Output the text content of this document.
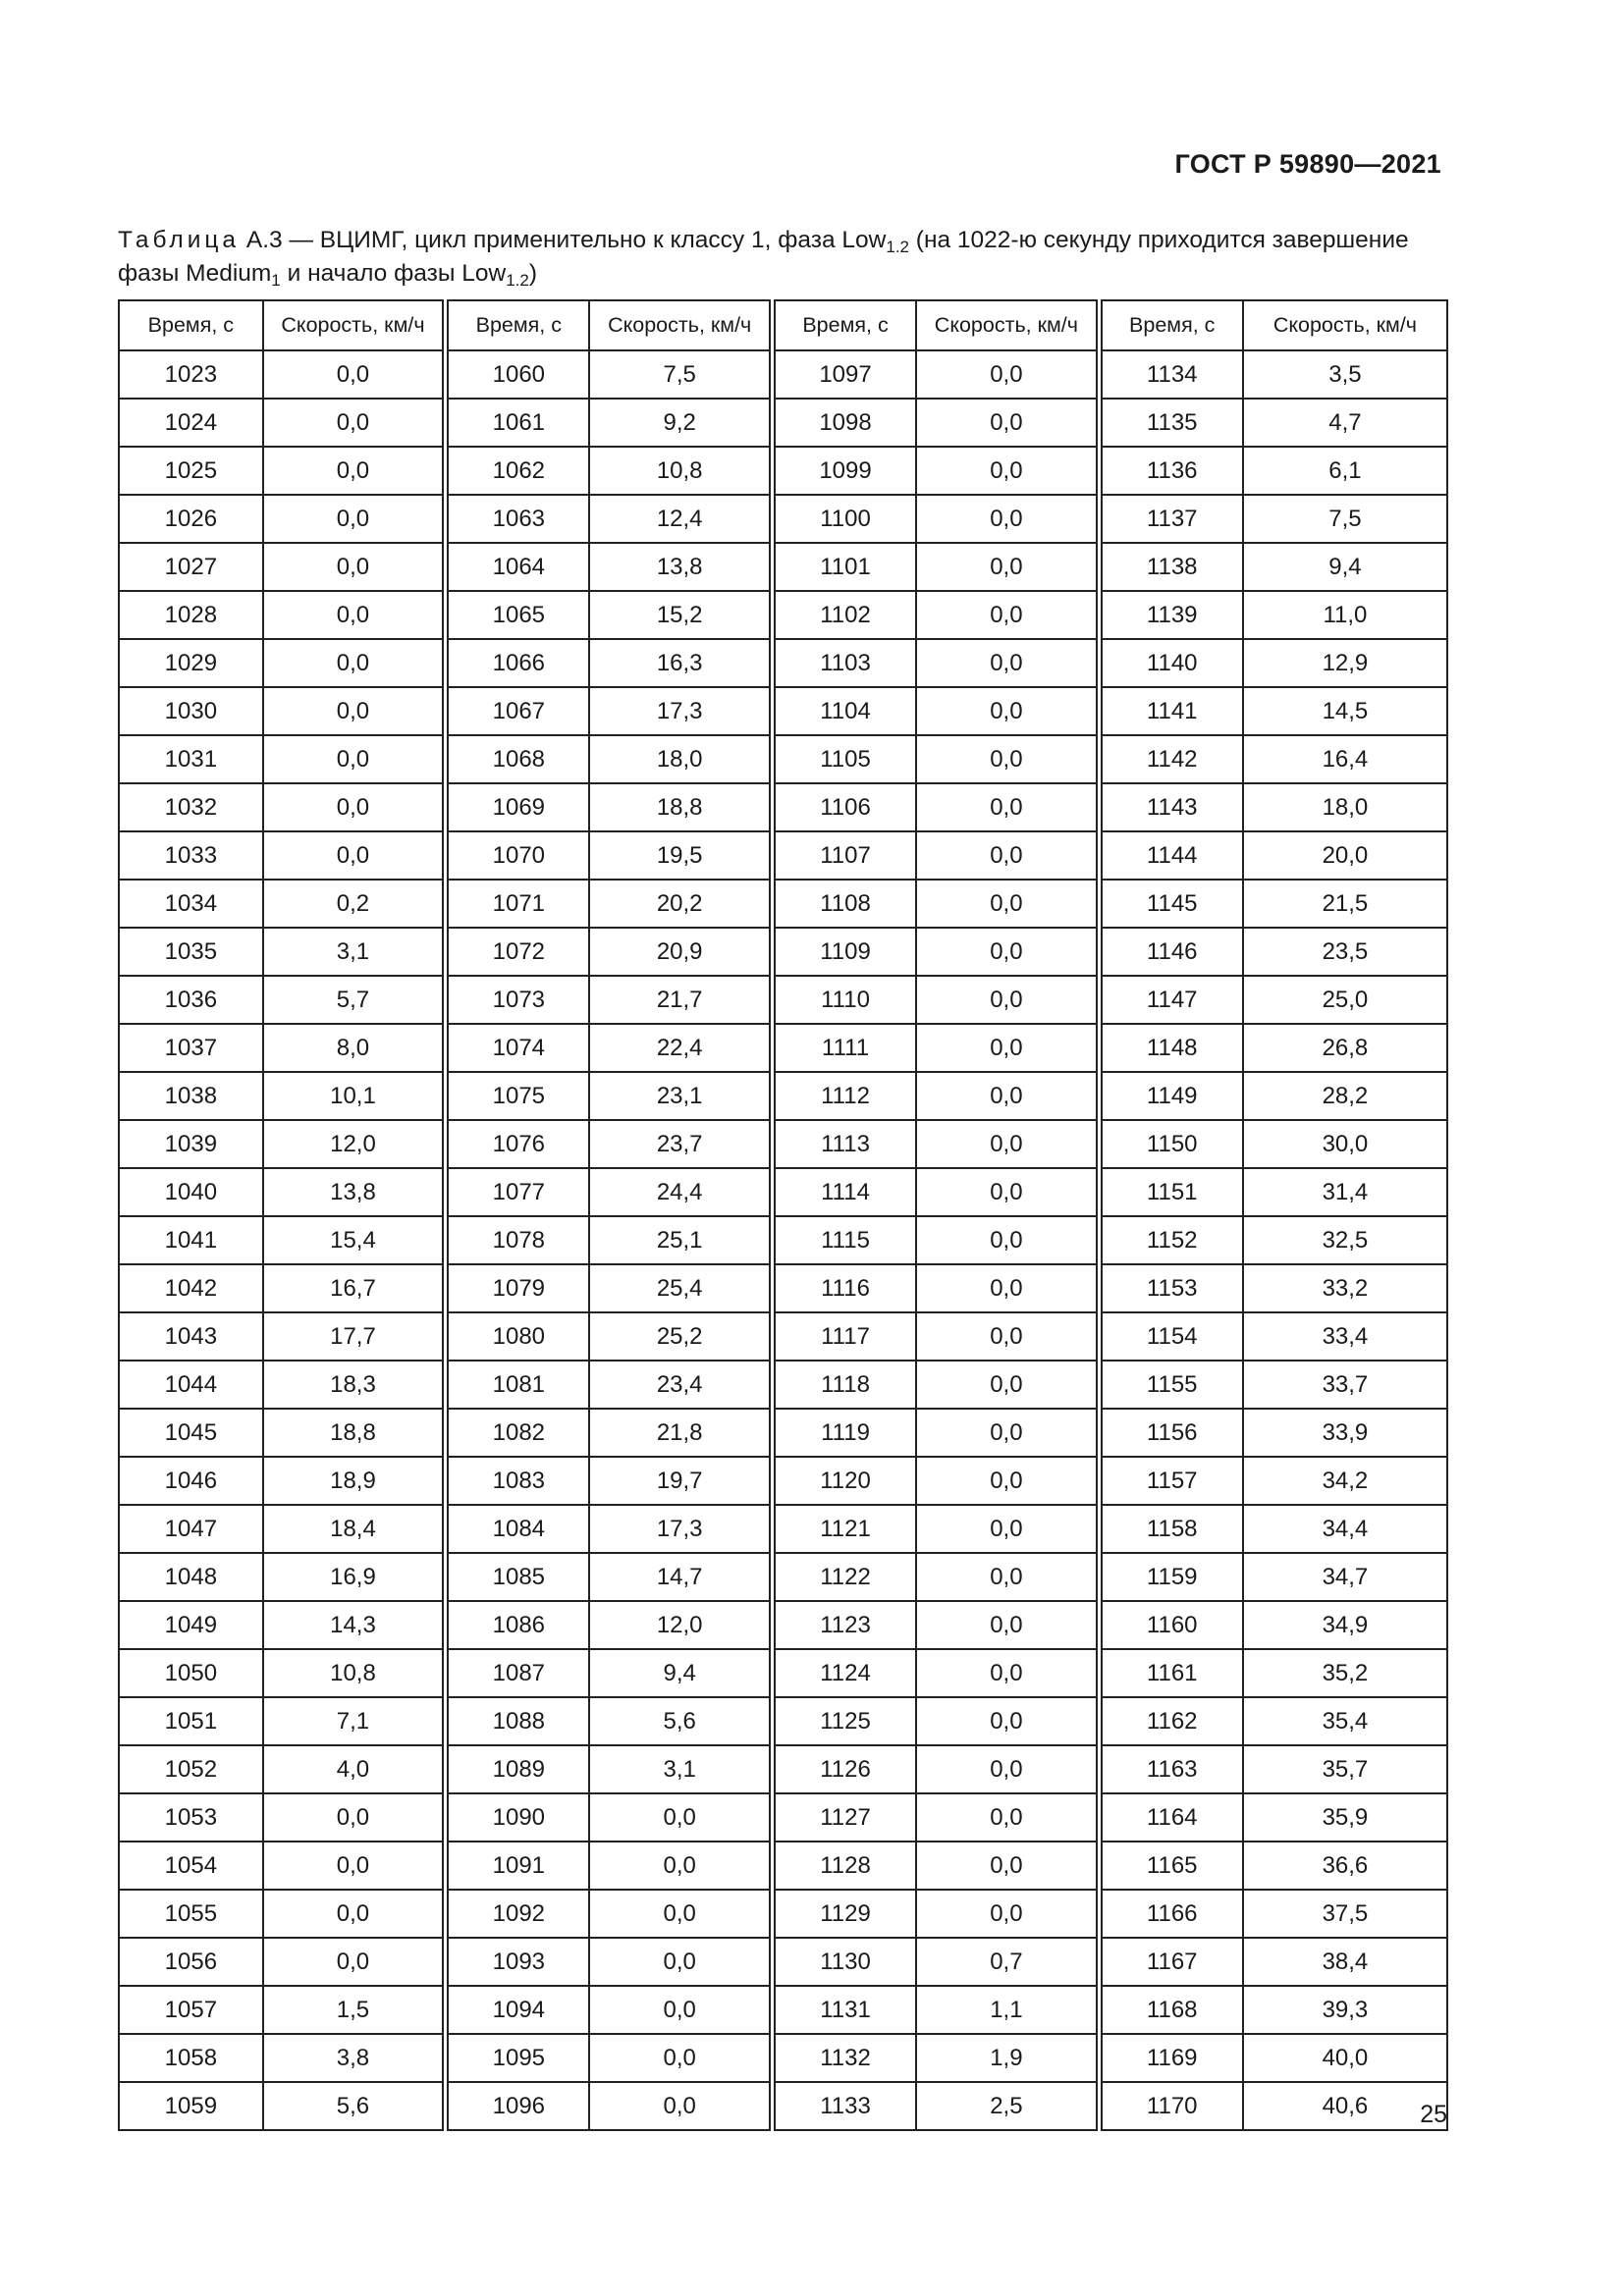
ГОСТ Р 59890—2021
Таблица А.3 — ВЦИМГ, цикл применительно к классу 1, фаза Low$_{1.2}$ (на 1022-ю секунду приходится завершение фазы Medium$_1$ и начало фазы Low$_{1.2}$)
Время, с	Скорость, км/ч	Время, с	Скорость, км/ч	Время, с	Скорость, км/ч	Время, с	Скорость, км/ч
1023	0,0	1060	7,5	1097	0,0	1134	3,5
1024	0,0	1061	9,2	1098	0,0	1135	4,7
1025	0,0	1062	10,8	1099	0,0	1136	6,1
1026	0,0	1063	12,4	1100	0,0	1137	7,5
1027	0,0	1064	13,8	1101	0,0	1138	9,4
1028	0,0	1065	15,2	1102	0,0	1139	11,0
1029	0,0	1066	16,3	1103	0,0	1140	12,9
1030	0,0	1067	17,3	1104	0,0	1141	14,5
1031	0,0	1068	18,0	1105	0,0	1142	16,4
1032	0,0	1069	18,8	1106	0,0	1143	18,0
1033	0,0	1070	19,5	1107	0,0	1144	20,0
1034	0,2	1071	20,2	1108	0,0	1145	21,5
1035	3,1	1072	20,9	1109	0,0	1146	23,5
1036	5,7	1073	21,7	1110	0,0	1147	25,0
1037	8,0	1074	22,4	1111	0,0	1148	26,8
1038	10,1	1075	23,1	1112	0,0	1149	28,2
1039	12,0	1076	23,7	1113	0,0	1150	30,0
1040	13,8	1077	24,4	1114	0,0	1151	31,4
1041	15,4	1078	25,1	1115	0,0	1152	32,5
1042	16,7	1079	25,4	1116	0,0	1153	33,2
1043	17,7	1080	25,2	1117	0,0	1154	33,4
1044	18,3	1081	23,4	1118	0,0	1155	33,7
1045	18,8	1082	21,8	1119	0,0	1156	33,9
1046	18,9	1083	19,7	1120	0,0	1157	34,2
1047	18,4	1084	17,3	1121	0,0	1158	34,4
1048	16,9	1085	14,7	1122	0,0	1159	34,7
1049	14,3	1086	12,0	1123	0,0	1160	34,9
1050	10,8	1087	9,4	1124	0,0	1161	35,2
1051	7,1	1088	5,6	1125	0,0	1162	35,4
1052	4,0	1089	3,1	1126	0,0	1163	35,7
1053	0,0	1090	0,0	1127	0,0	1164	35,9
1054	0,0	1091	0,0	1128	0,0	1165	36,6
1055	0,0	1092	0,0	1129	0,0	1166	37,5
1056	0,0	1093	0,0	1130	0,7	1167	38,4
1057	1,5	1094	0,0	1131	1,1	1168	39,3
1058	3,8	1095	0,0	1132	1,9	1169	40,0
1059	5,6	1096	0,0	1133	2,5	1170	40,6 25
